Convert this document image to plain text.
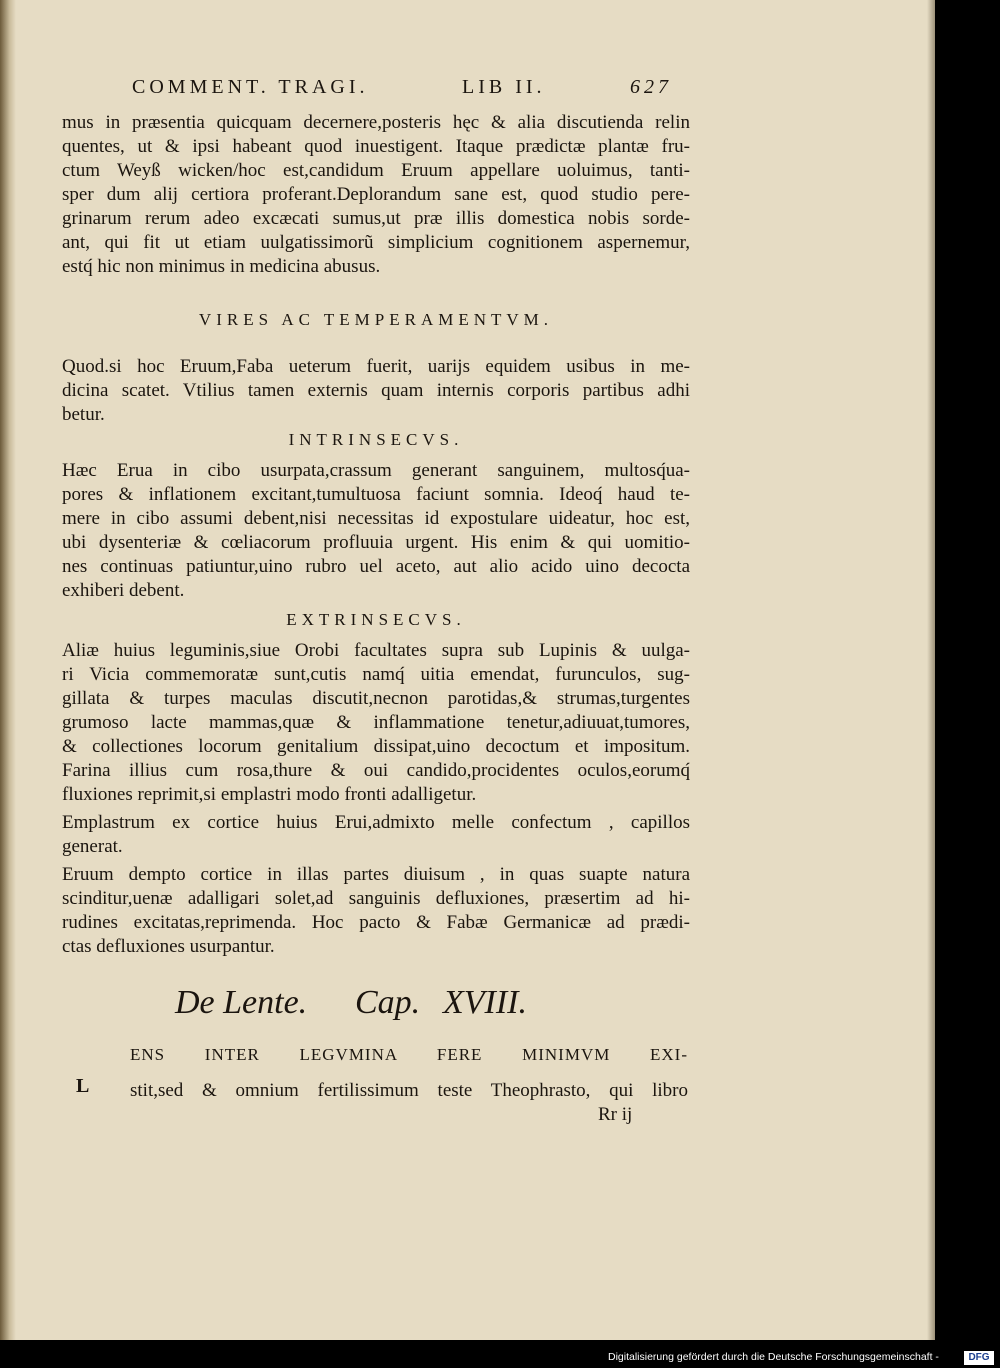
COMMENT. TRAGI.	LIB II.	627
mus in præsentia quicquam decernere,posteris hęc & alia discutienda relin
quentes, ut & ipsi habeant quod inuestigent. Itaque prædictæ plantæ fru-
ctum Weyß wicken/hoc est,candidum Eruum appellare uoluimus, tanti-
sper dum alij certiora proferant.Deplorandum sane est, quod studio pere-
grinarum rerum adeo excæcati sumus,ut præ illis domestica nobis sorde-
ant, qui fit ut etiam uulgatissimorũ simplicium cognitionem aspernemur,
estq́ hic non minimus in medicina abusus.
VIRES AC TEMPERAMENTVM.
Quod.si hoc Eruum,Faba ueterum fuerit, uarijs equidem usibus in me-
dicina scatet. Vtilius tamen externis quam internis corporis partibus adhi
betur.
INTRINSECVS.
Hæc Erua in cibo usurpata,crassum generant sanguinem, multosq́ua-
pores & inflationem excitant,tumultuosa faciunt somnia. Ideoq́ haud te-
mere in cibo assumi debent,nisi necessitas id expostulare uideatur, hoc est,
ubi dysenteriæ & cœliacorum profluuia urgent. His enim & qui uomitio-
nes continuas patiuntur,uino rubro uel aceto, aut alio acido uino decocta
exhiberi debent.
EXTRINSECVS.
Aliæ huius leguminis,siue Orobi facultates supra sub Lupinis & uulga-
ri Vicia commemoratæ sunt,cutis namq́ uitia emendat, furunculos, sug-
gillata & turpes maculas discutit,necnon parotidas,& strumas,turgentes
grumoso lacte mammas,quæ & inflammatione tenetur,adiuuat,tumores,
& collectiones locorum genitalium dissipat,uino decoctum et impositum.
Farina illius cum rosa,thure & oui candido,procidentes oculos,eorumq́
fluxiones reprimit,si emplastri modo fronti adalligetur.
Emplastrum ex cortice huius Erui,admixto melle confectum , capillos
generat.
Eruum dempto cortice in illas partes diuisum , in quas suapte natura
scinditur,uenæ adalligari solet,ad sanguinis defluxiones, præsertim ad hi-
rudines excitatas,reprimenda. Hoc pacto & Fabæ Germanicæ ad prædi-
ctas defluxiones usurpantur.
De Lente. Cap. XVIII.
L
ENS INTER LEGVMINA FERE MINIMVM EXI-
stit,sed & omnium fertilissimum teste Theophrasto, qui libro
Rr ij
Digitalisierung gefördert durch die Deutsche Forschungsgemeinschaft -	DFG
